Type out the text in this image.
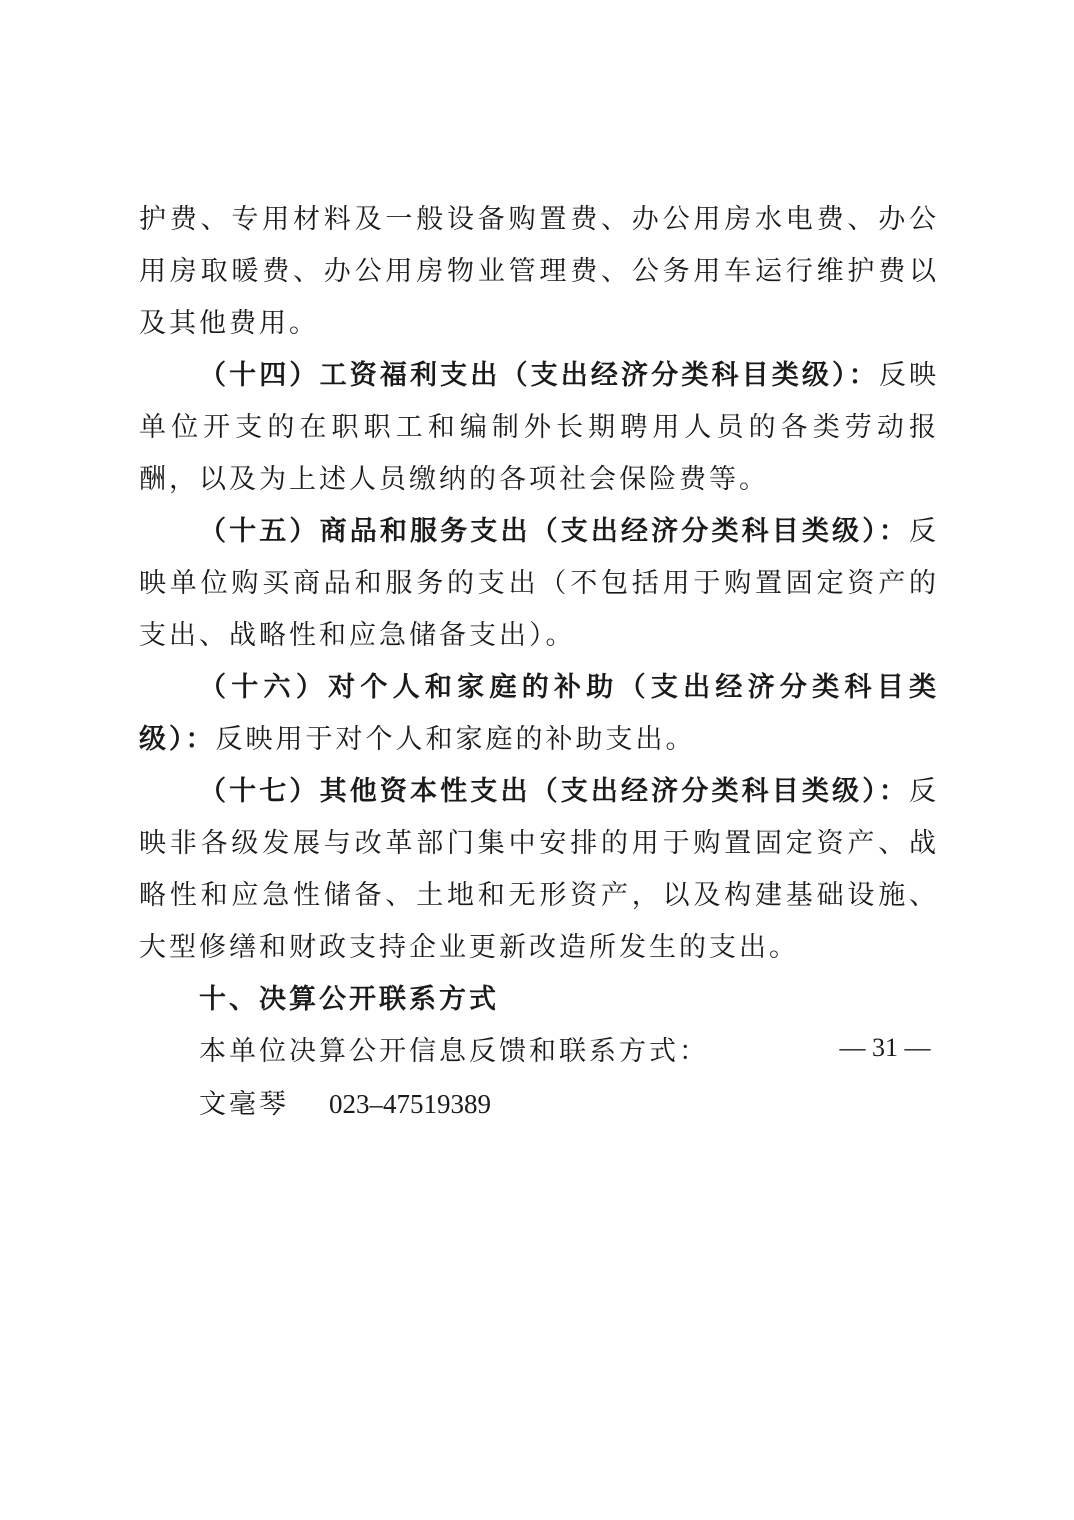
护费、专用材料及一般设备购置费、办公用房水电费、办公用房取暖费、办公用房物业管理费、公务用车运行维护费以及其他费用。

（十四）工资福利支出（支出经济分类科目类级）：反映单位开支的在职职工和编制外长期聘用人员的各类劳动报酬，以及为上述人员缴纳的各项社会保险费等。

（十五）商品和服务支出（支出经济分类科目类级）：反映单位购买商品和服务的支出（不包括用于购置固定资产的支出、战略性和应急储备支出）。

（十六）对个人和家庭的补助（支出经济分类科目类级）：反映用于对个人和家庭的补助支出。

（十七）其他资本性支出（支出经济分类科目类级）：反映非各级发展与改革部门集中安排的用于购置固定资产、战略性和应急性储备、土地和无形资产，以及构建基础设施、大型修缮和财政支持企业更新改造所发生的支出。

十、决算公开联系方式

本单位决算公开信息反馈和联系方式：

文毫琴 023–47519389

— 31 —
